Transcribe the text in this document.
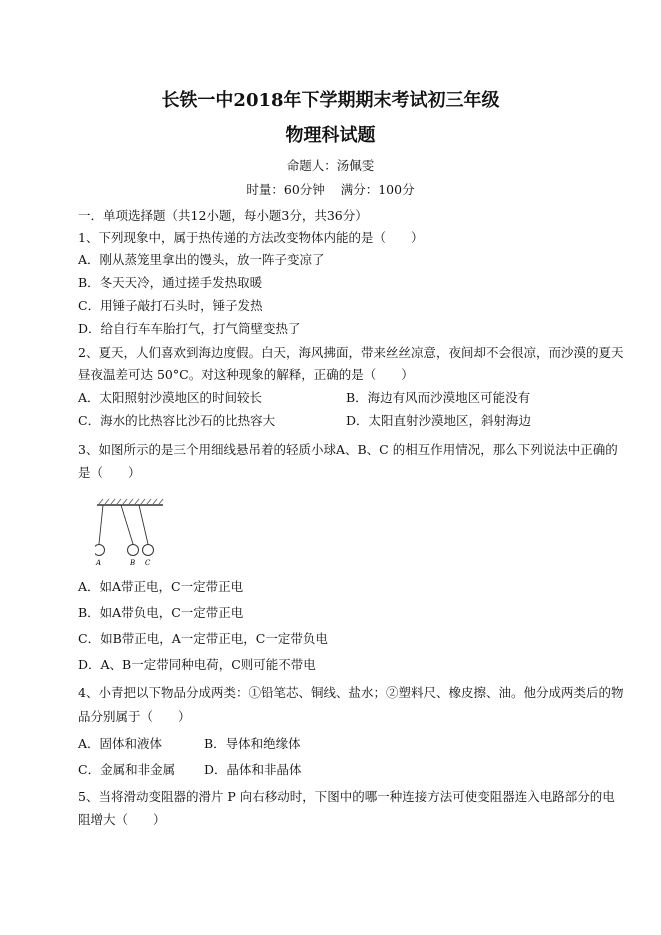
长铁一中2018年下学期期末考试初三年级
物理科试题
命题人：汤佩雯
时量：60分钟    满分：100分
一．单项选择题（共12小题，每小题3分，共36分）
1、下列现象中，属于热传递的方法改变物体内能的是（　　）
A．刚从蒸笼里拿出的馒头，放一阵子变凉了
B．冬天天冷，通过搓手发热取暖
C．用锤子敲打石头时，锤子发热
D．给自行车车胎打气，打气筒壁变热了
2、夏天，人们喜欢到海边度假。白天，海风拂面，带来丝丝凉意，夜间却不会很凉，而沙漠的夏天
昼夜温差可达 50°C。对这种现象的解释，正确的是（　　）
A．太阳照射沙漠地区的时间较长	B．海边有风而沙漠地区可能没有
C．海水的比热容比沙石的比热容大	D．太阳直射沙漠地区，斜射海边
3、如图所示的是三个用细线悬吊着的轻质小球A、B、C 的相互作用情况，那么下列说法中正确的
是（　　）
A	B C
A．如A带正电，C一定带正电
B．如A带负电，C一定带正电
C．如B带正电，A一定带正电，C一定带负电
D．A、B一定带同种电荷，C则可能不带电
4、小青把以下物品分成两类：①铅笔芯、铜线、盐水；②塑料尺、橡皮擦、油。他分成两类后的物
品分别属于（　　）
A．固体和液体	B．导体和绝缘体
C．金属和非金属 D．晶体和非晶体
5、当将滑动变阻器的滑片 P 向右移动时，下图中的哪一种连接方法可使变阻器连入电路部分的电
阻增大（　　）
